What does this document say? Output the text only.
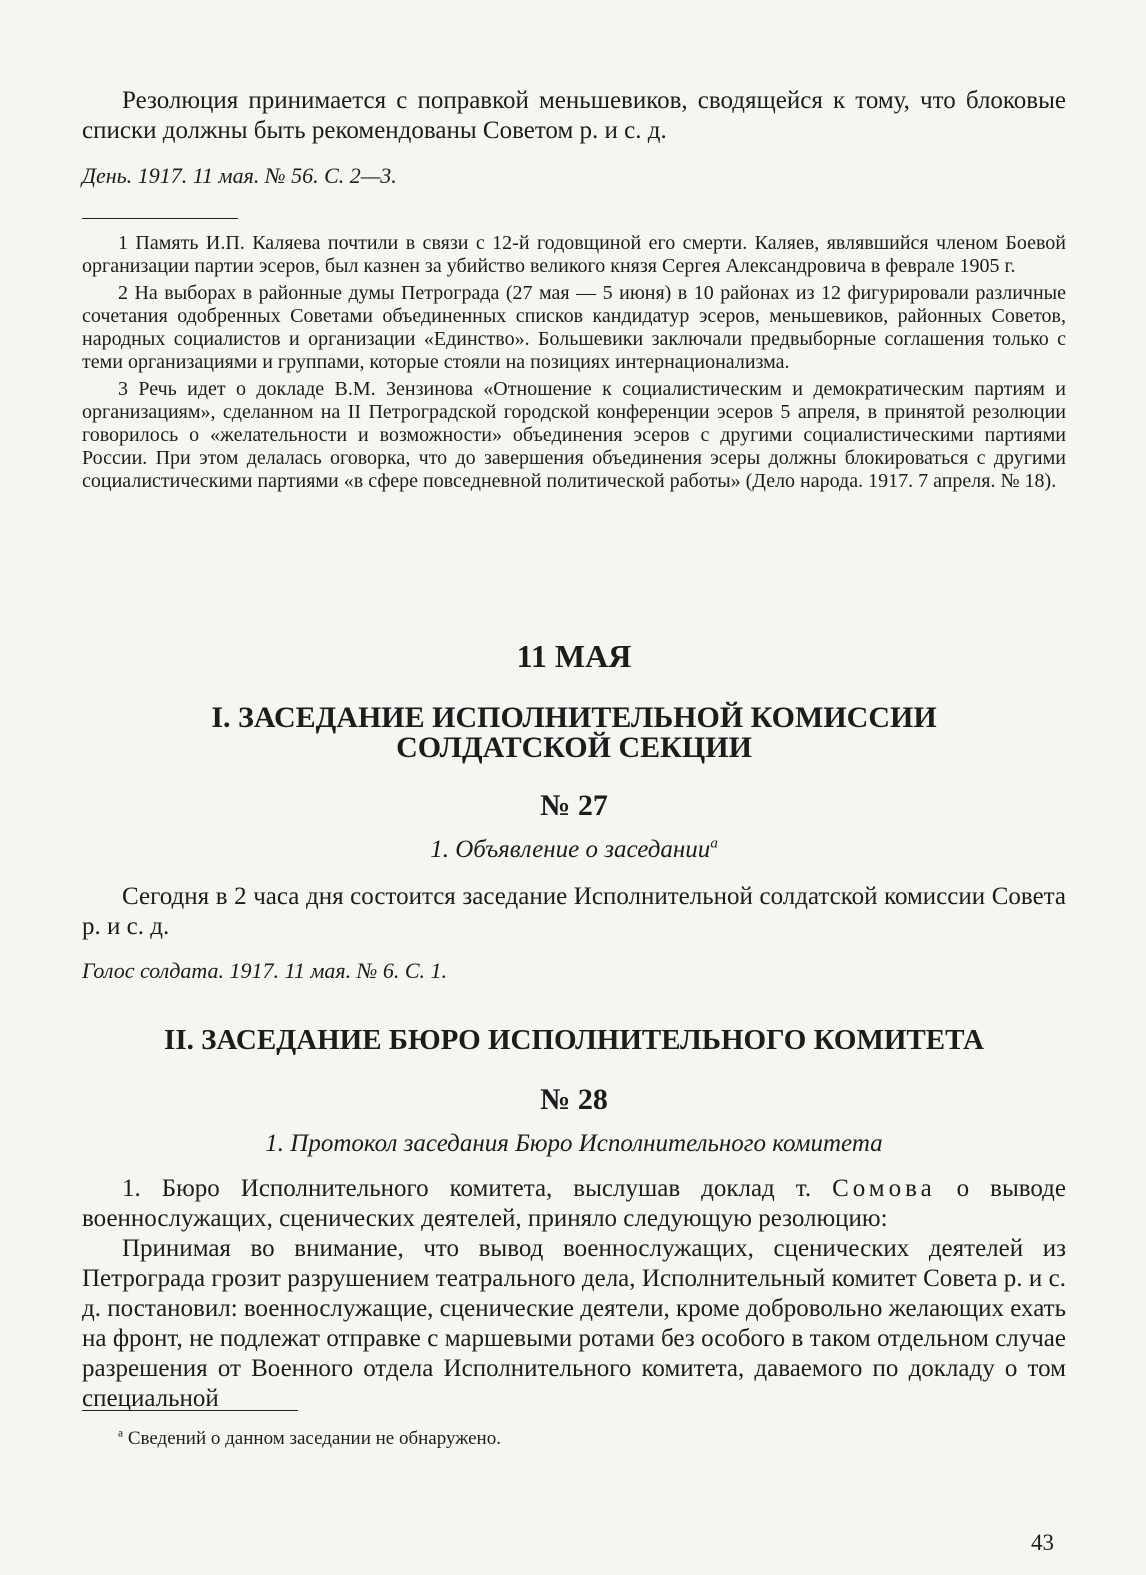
Резолюция принимается с поправкой меньшевиков, сводящейся к тому, что блоковые списки должны быть рекомендованы Советом р. и с. д.

День. 1917. 11 мая. № 56. С. 2—3.

1 Память И.П. Каляева почтили в связи с 12-й годовщиной его смерти. Каляев, являвшийся членом Боевой организации партии эсеров, был казнен за убийство великого князя Сергея Александровича в феврале 1905 г.

2 На выборах в районные думы Петрограда (27 мая — 5 июня) в 10 районах из 12 фигурировали различные сочетания одобренных Советами объединенных списков кандидатур эсеров, меньшевиков, районных Советов, народных социалистов и организации «Единство». Большевики заключали предвыборные соглашения только с теми организациями и группами, которые стояли на позициях интернационализма.

3 Речь идет о докладе В.М. Зензинова «Отношение к социалистическим и демократическим партиям и организациям», сделанном на II Петроградской городской конференции эсеров 5 апреля, в принятой резолюции говорилось о «желательности и возможности» объединения эсеров с другими социалистическими партиями России. При этом делалась оговорка, что до завершения объединения эсеры должны блокироваться с другими социалистическими партиями «в сфере повседневной политической работы» (Дело народа. 1917. 7 апреля. № 18).

11 МАЯ

I. ЗАСЕДАНИЕ ИСПОЛНИТЕЛЬНОЙ КОМИССИИ

СОЛДАТСКОЙ СЕКЦИИ

№ 27

1. Объявление о заседании$^а$

Сегодня в 2 часа дня состоится заседание Исполнительной солдатской комиссии Совета р. и с. д.

Голос солдата. 1917. 11 мая. № 6. С. 1.

II. ЗАСЕДАНИЕ БЮРО ИСПОЛНИТЕЛЬНОГО КОМИТЕТА

№ 28

1. Протокол заседания Бюро Исполнительного комитета

1. Бюро Исполнительного комитета, выслушав доклад т. Сомова о выводе военнослужащих, сценических деятелей, приняло следующую резолюцию:

Принимая во внимание, что вывод военнослужащих, сценических деятелей из Петрограда грозит разрушением театрального дела, Исполнительный комитет Совета р. и с. д. постановил: военнослужащие, сценические деятели, кроме добровольно желающих ехать на фронт, не подлежат отправке с маршевыми ротами без особого в таком отдельном случае разрешения от Военного отдела Исполнительного комитета, даваемого по докладу о том специальной

$^а$ Сведений о данном заседании не обнаружено.

43
